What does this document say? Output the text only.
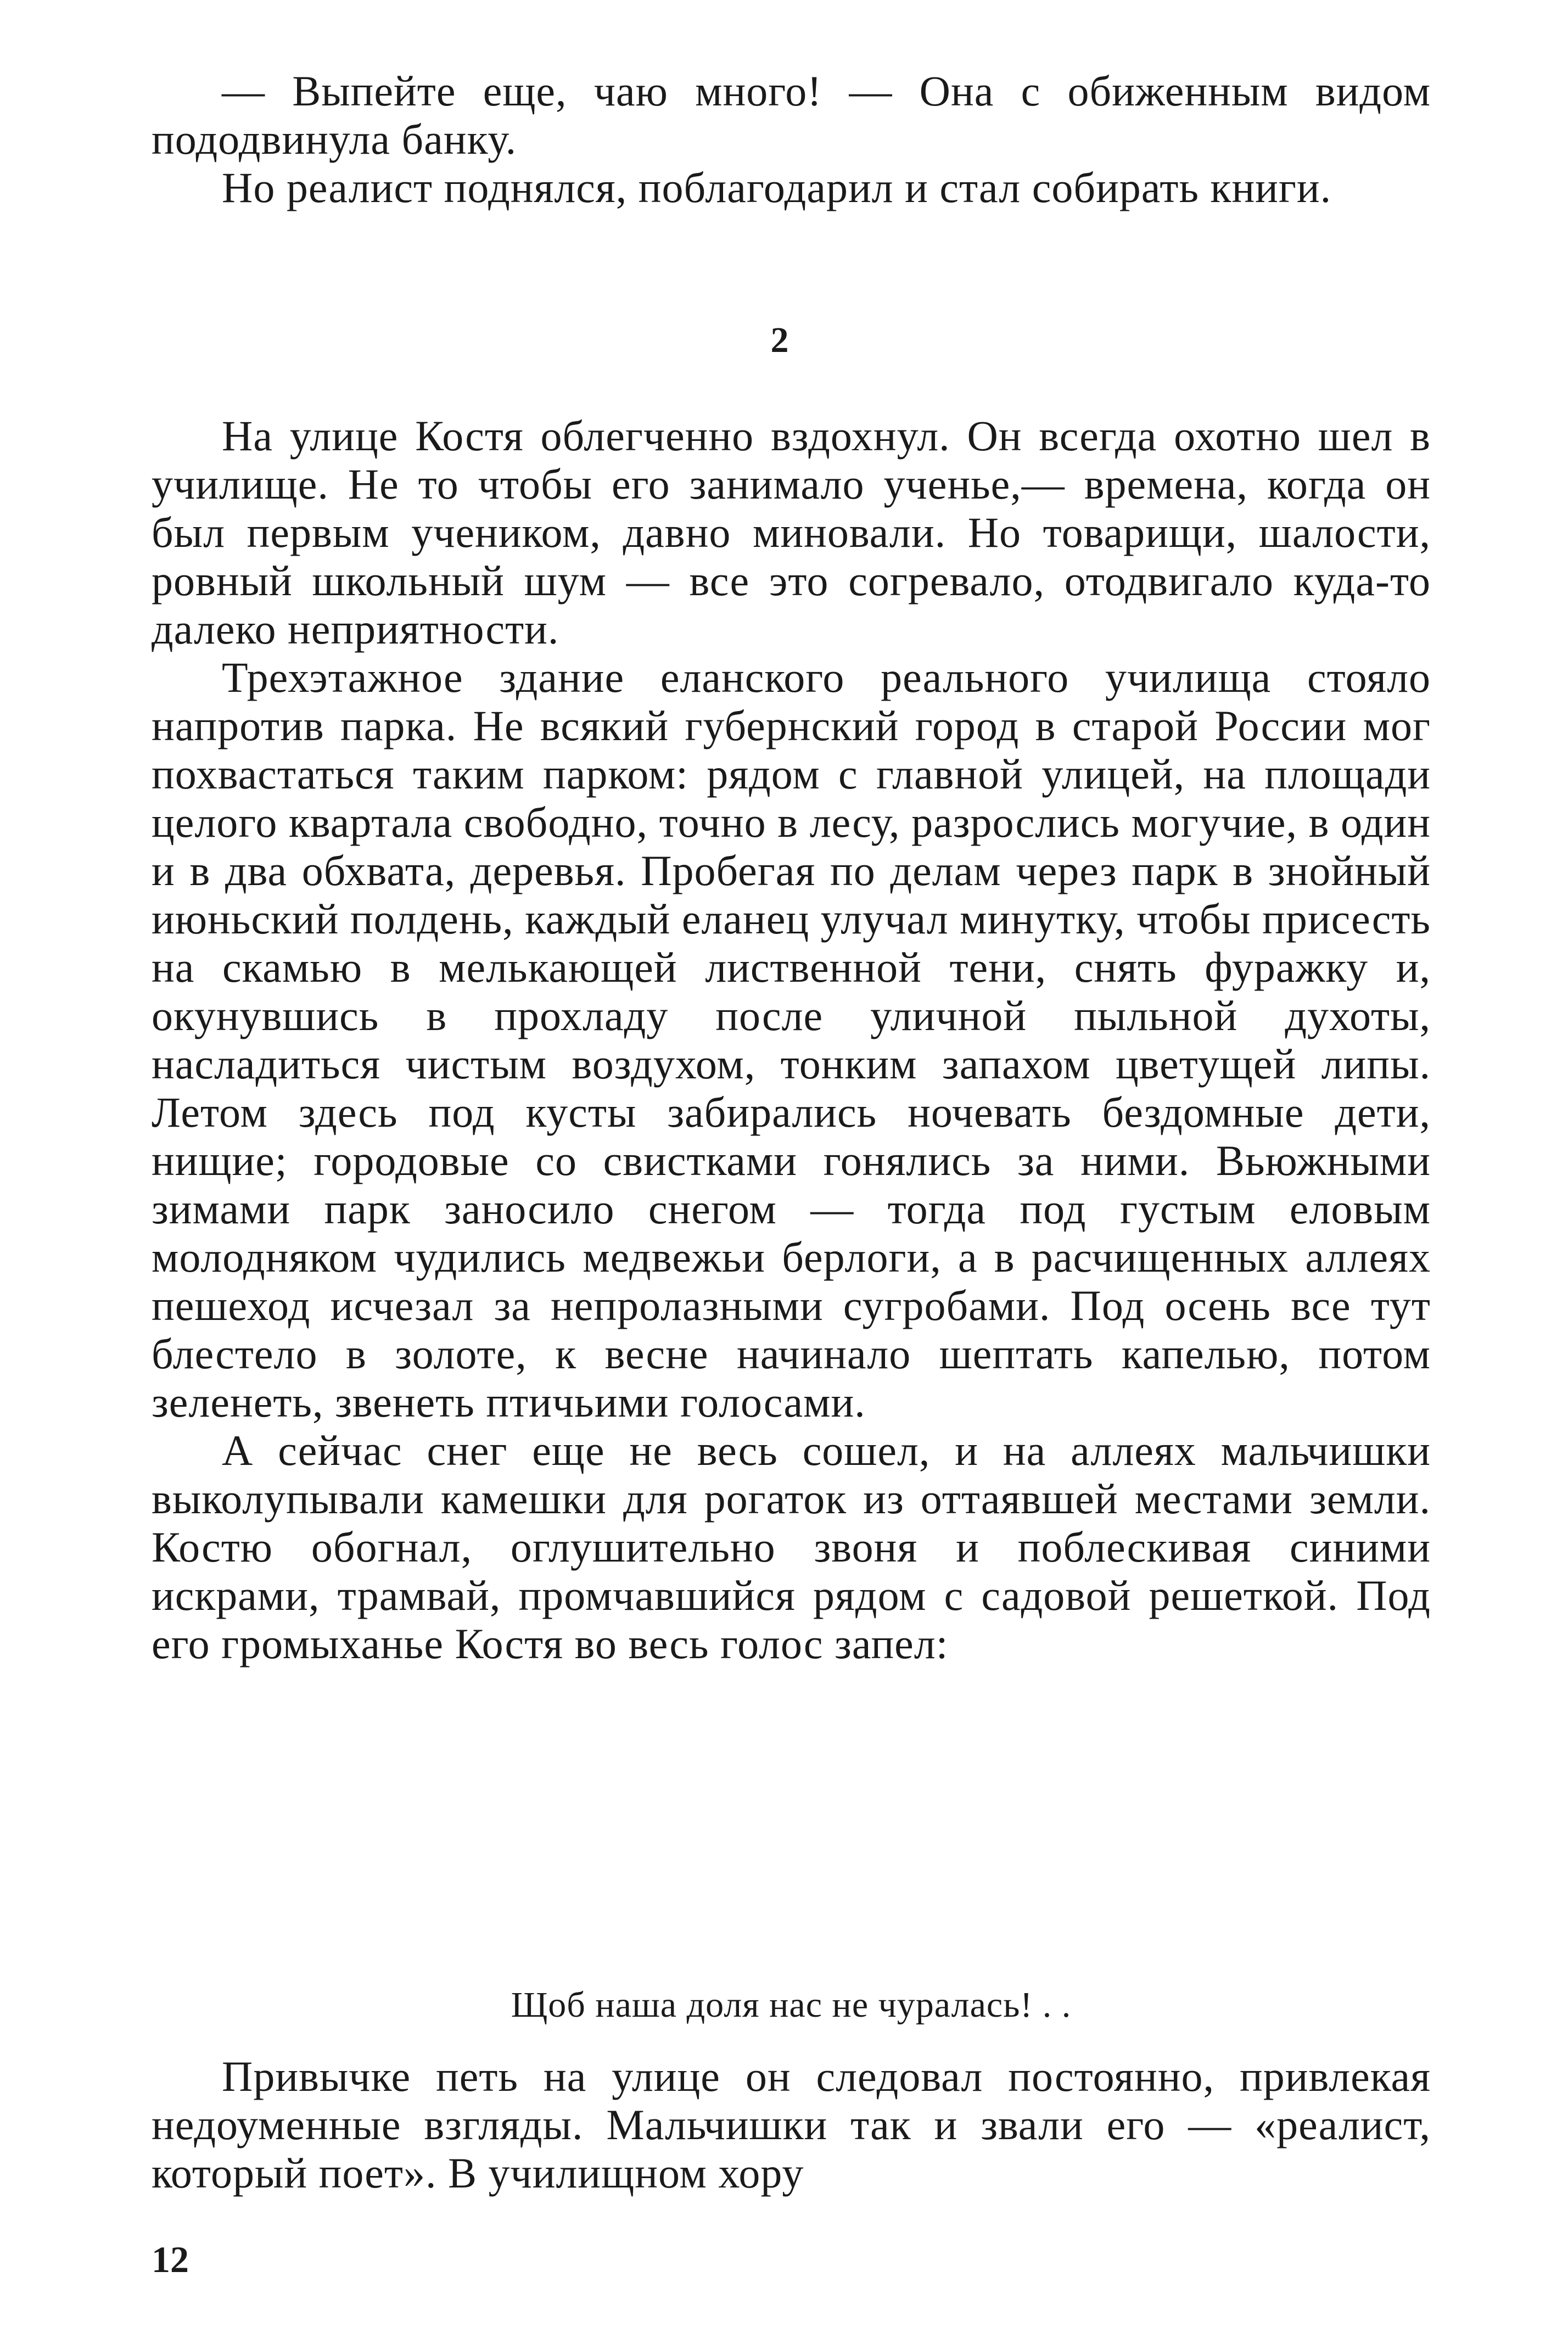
— Выпейте еще, чаю много! — Она с обиженным видом пододвинула банку.

Но реалист поднялся, поблагодарил и стал собирать книги.

2

На улице Костя облегченно вздохнул. Он всегда охотно шел в училище. Не то чтобы его занимало ученье,— времена, когда он был первым учеником, давно миновали. Но товарищи, шалости, ровный школьный шум — все это согревало, отодвигало куда-то далеко неприятности.

Трехэтажное здание еланского реального училища стояло напротив парка. Не всякий губернский город в старой России мог похвастаться таким парком: рядом с главной улицей, на площади целого квартала свободно, точно в лесу, разрослись могучие, в один и в два обхвата, деревья. Пробегая по делам через парк в знойный июньский полдень, каждый еланец улучал минутку, чтобы присесть на скамью в мелькающей лиственной тени, снять фуражку и, окунувшись в прохладу после уличной пыльной духоты, насладиться чистым воздухом, тонким запахом цветущей липы. Летом здесь под кусты забирались ночевать бездомные дети, нищие; городовые со свистками гонялись за ними. Вьюжными зимами парк заносило снегом — тогда под густым еловым молодняком чудились медвежьи берлоги, а в расчищенных аллеях пешеход исчезал за непролазными сугробами. Под осень все тут блестело в золоте, к весне начинало шептать капелью, потом зеленеть, звенеть птичьими голосами.

А сейчас снег еще не весь сошел, и на аллеях мальчишки выколупывали камешки для рогаток из оттаявшей местами земли. Костю обогнал, оглушительно звоня и поблескивая синими искрами, трамвай, промчавшийся рядом с садовой решеткой. Под его громыханье Костя во весь голос запел:

Щоб наша доля нас не чуралась! . .

Привычке петь на улице он следовал постоянно, привлекая недоуменные взгляды. Мальчишки так и звали его — «реалист, который поет». В училищном хору

12
